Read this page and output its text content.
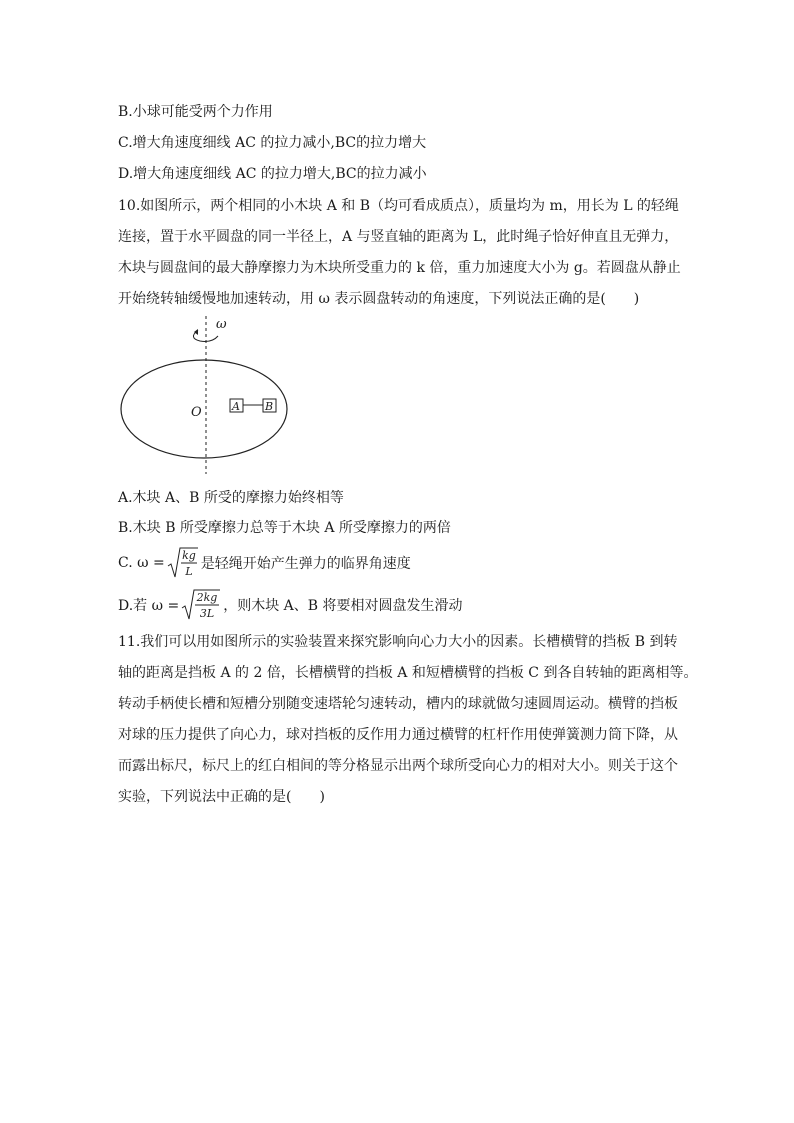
B.小球可能受两个力作用
C.增大角速度细线 AC 的拉力减小,BC的拉力增大
D.增大角速度细线 AC 的拉力增大,BC的拉力减小
10.如图所示，两个相同的小木块 A 和 B（均可看成质点），质量均为 m，用长为 L 的轻绳
连接，置于水平圆盘的同一半径上，A 与竖直轴的距离为 L，此时绳子恰好伸直且无弹力，
木块与圆盘间的最大静摩擦力为木块所受重力的 k 倍，重力加速度大小为 g。若圆盘从静止
开始绕转轴缓慢地加速转动，用 ω 表示圆盘转动的角速度，下列说法正确的是(　　)
ω
O	A B
A.木块 A、B 所受的摩擦力始终相等
B.木块 B 所受摩擦力总等于木块 A 所受摩擦力的两倍
C. ω = kg
L 是轻绳开始产生弹力的临界角速度
D.若 ω =
2kg
3L ，则木块 A、B 将要相对圆盘发生滑动
11.我们可以用如图所示的实验装置来探究影响向心力大小的因素。长槽横臂的挡板 B 到转
轴的距离是挡板 A 的 2 倍，长槽横臂的挡板 A 和短槽横臂的挡板 C 到各自转轴的距离相等。
转动手柄使长槽和短槽分别随变速塔轮匀速转动，槽内的球就做匀速圆周运动。横臂的挡板
对球的压力提供了向心力，球对挡板的反作用力通过横臂的杠杆作用使弹簧测力筒下降，从
而露出标尺，标尺上的红白相间的等分格显示出两个球所受向心力的相对大小。则关于这个
实验，下列说法中正确的是(　　)
